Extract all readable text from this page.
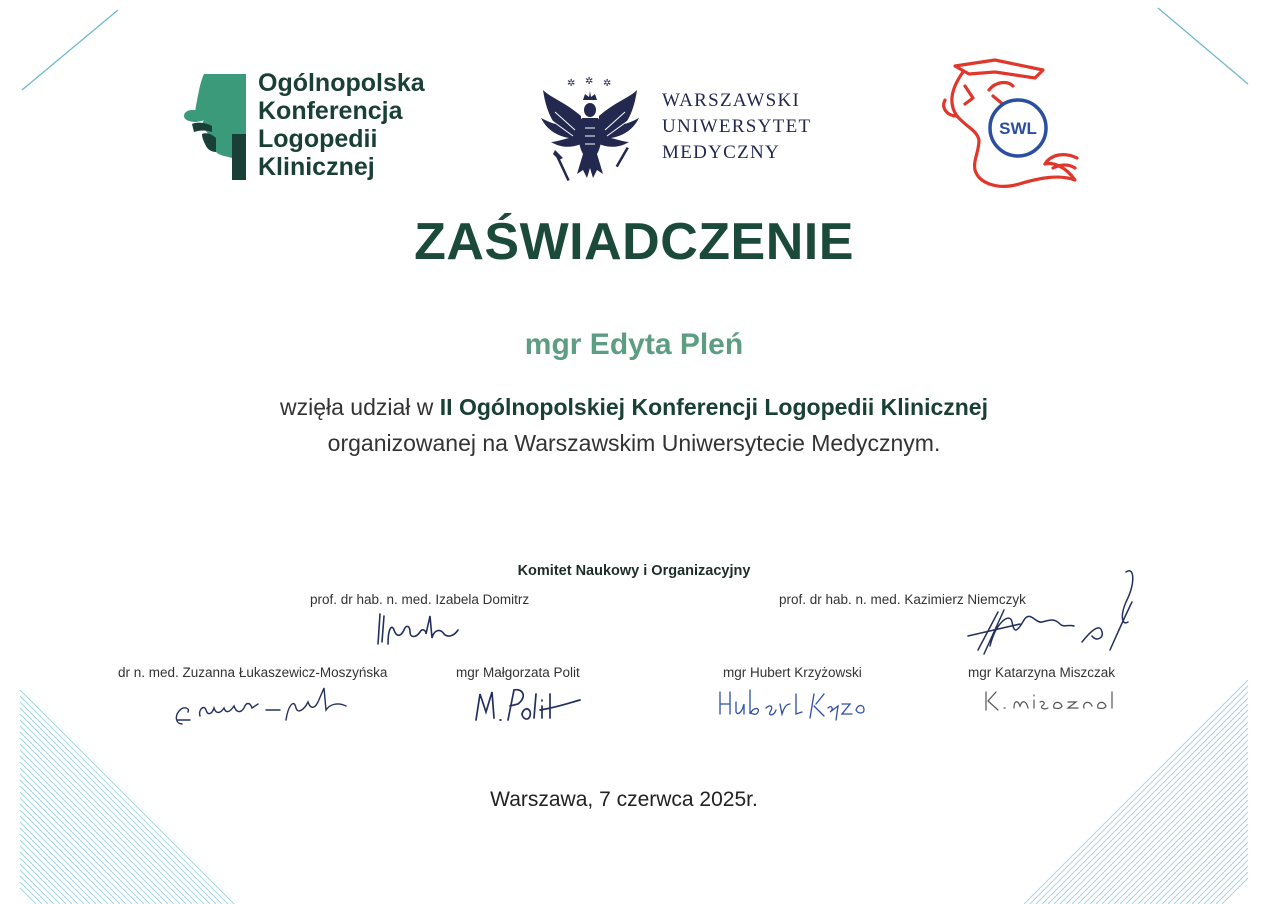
Ogólnopolska
Konferencja
Logopedii
Klinicznej
✲ ✲ ✲
WARSZAWSKI
UNIWERSYTET
MEDYCZNY
SWL
ZAŚWIADCZENIE
mgr Edyta Pleń
wzięła udział w II Ogólnopolskiej Konferencji Logopedii Klinicznej
organizowanej na Warszawskim Uniwersytecie Medycznym.
Komitet Naukowy i Organizacyjny
prof. dr hab. n. med. Izabela Domitrz	prof. dr hab. n. med. Kazimierz Niemczyk
dr n. med. Zuzanna Łukaszewicz-Moszyńska	mgr Małgorzata Polit	mgr Hubert Krzyżowski	mgr Katarzyna Miszczak
Warszawa, 7 czerwca 2025r.
